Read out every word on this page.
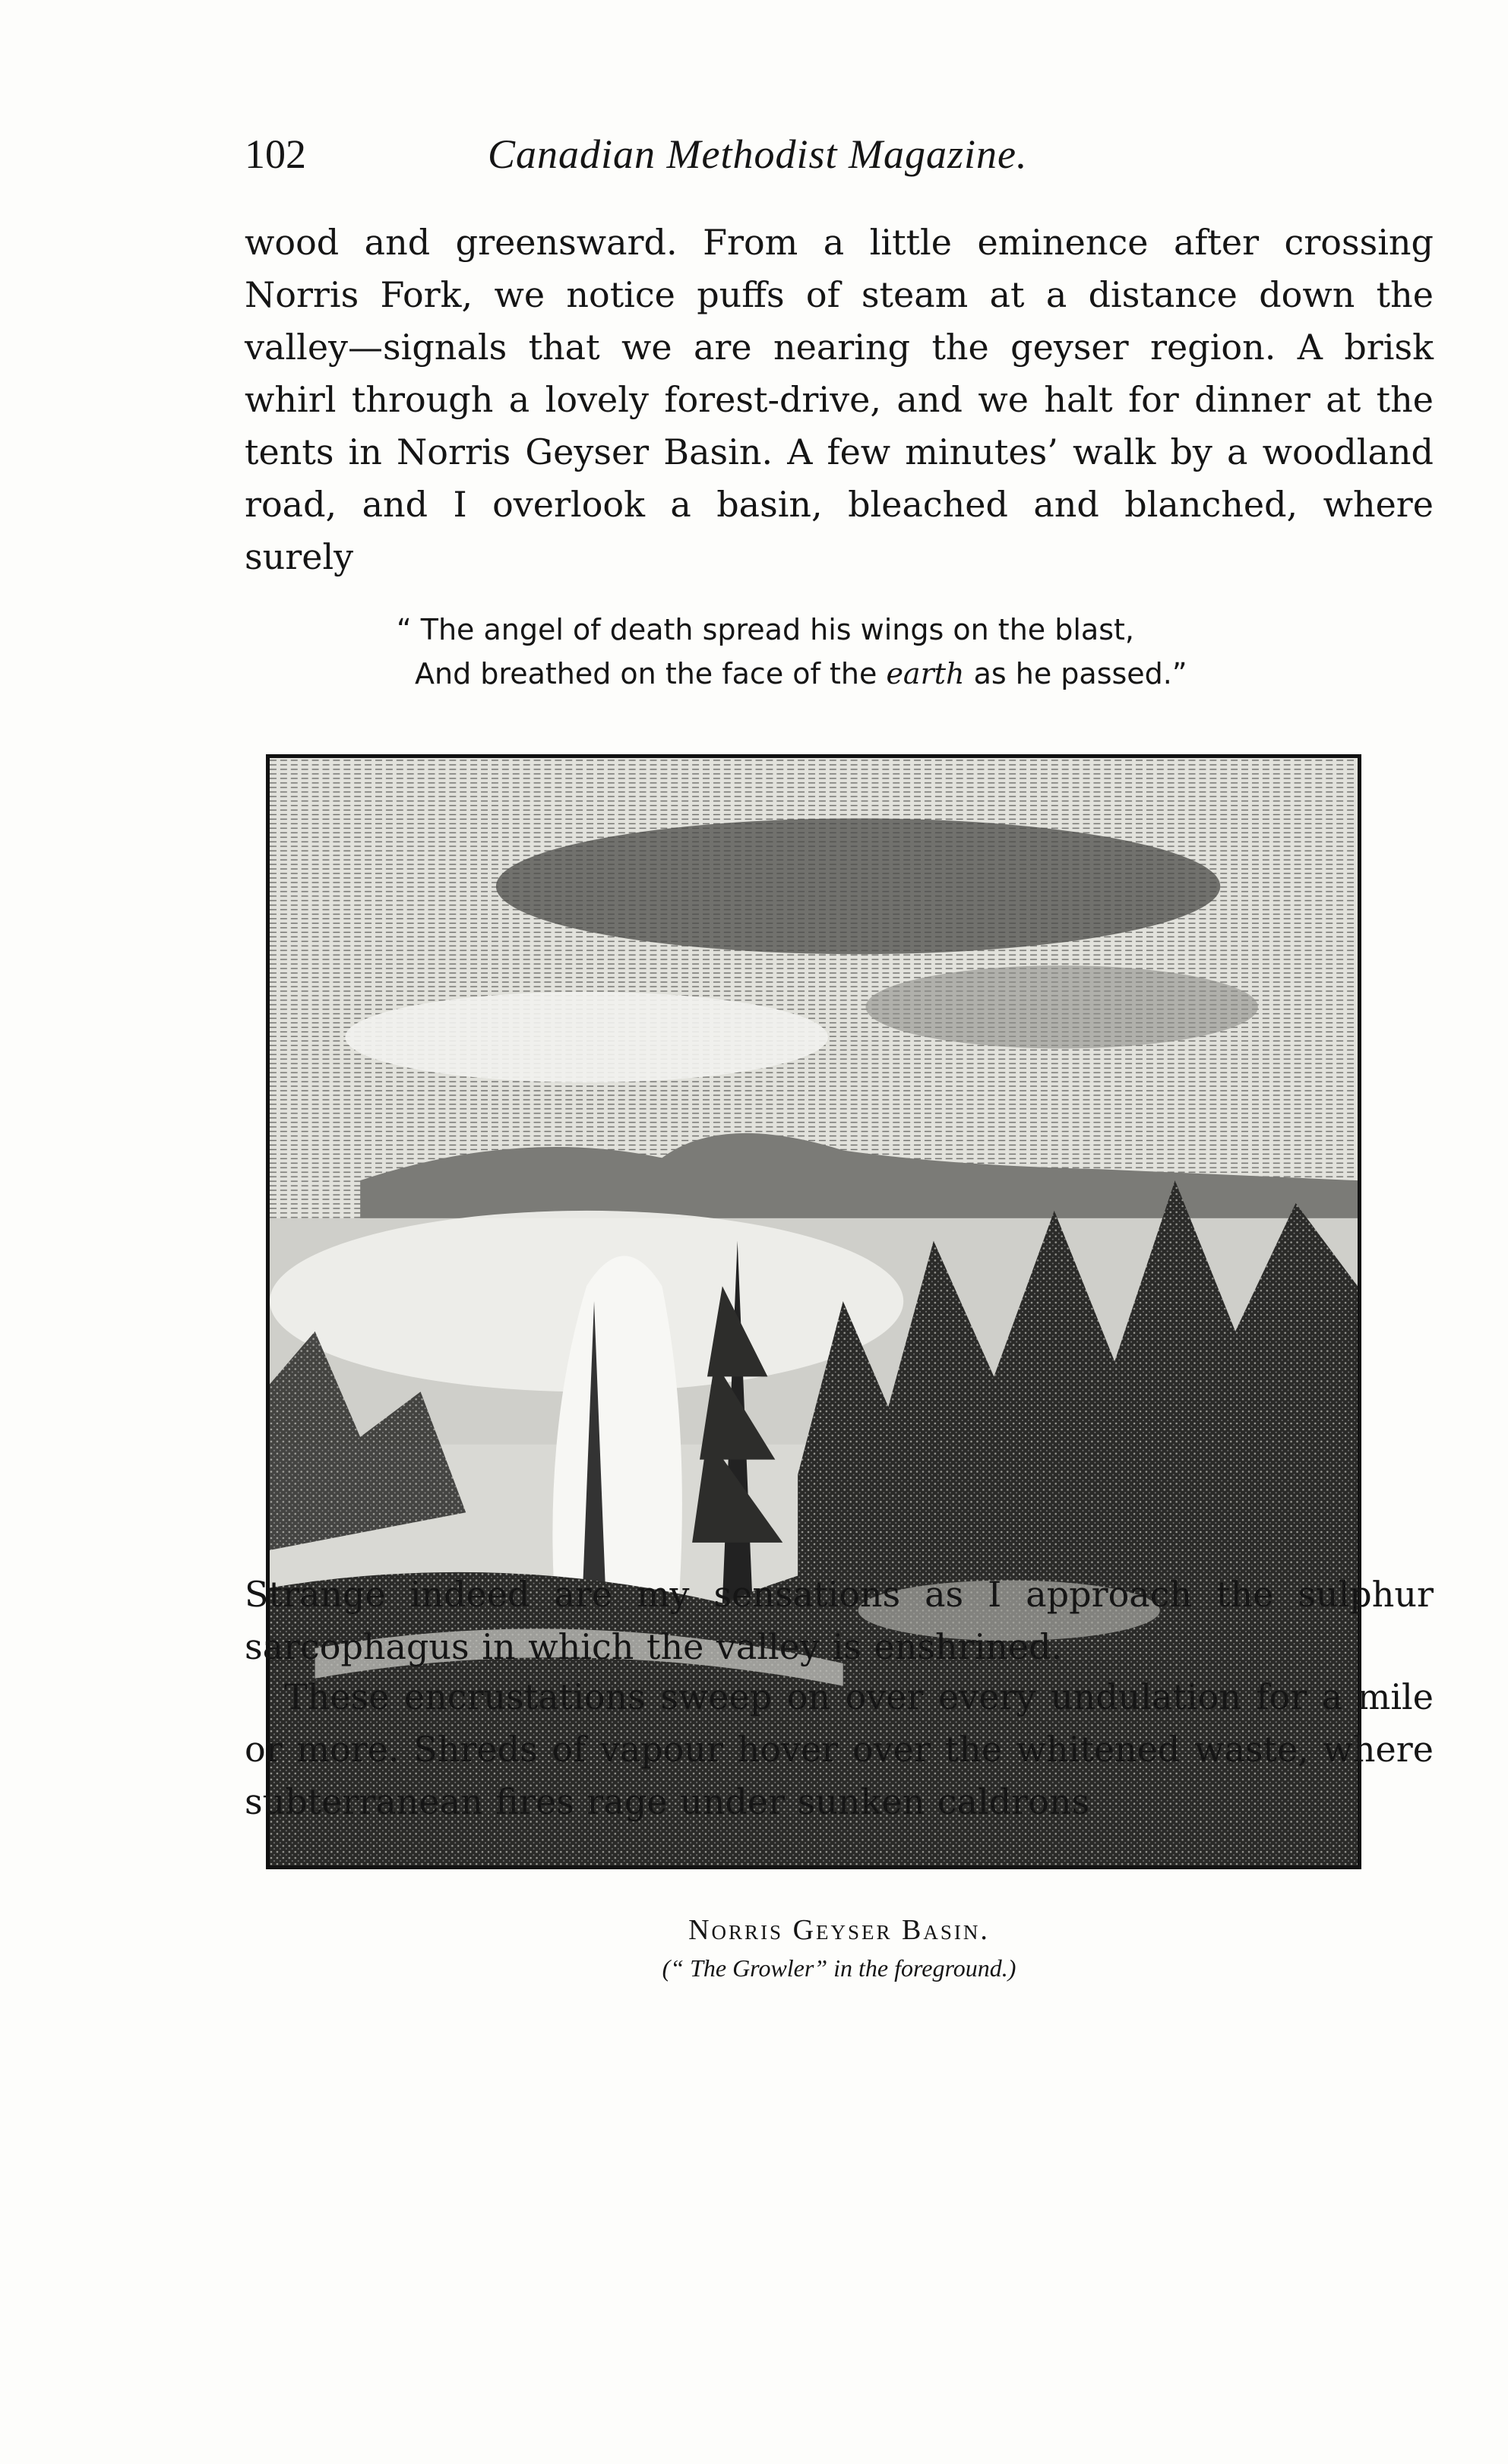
102	Canadian Methodist Magazine.

wood and greensward. From a little eminence after crossing Norris Fork, we notice puffs of steam at a distance down the valley—signals that we are nearing the geyser region. A brisk whirl through a lovely forest-drive, and we halt for dinner at the tents in Norris Geyser Basin. A few minutes’ walk by a woodland road, and I overlook a basin, bleached and blanched, where surely

“ The angel of death spread his wings on the blast,
And breathed on the face of the earth as he passed.”
Norris Geyser Basin.
(“ The Growler” in the foreground.)

Strange indeed are my sensations as I approach the sulphur sarcophagus in which the valley is enshrined.

These encrustations sweep on over every undulation for a mile or more. Shreds of vapour hover over the whitened waste, where subterranean fires rage under sunken caldrons
